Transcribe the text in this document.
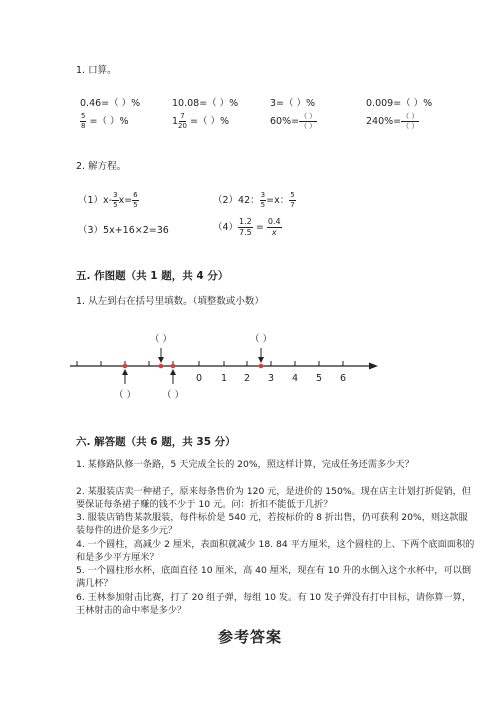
1. 口算。
0.46=（ ）%	10.08=（ ）%	3=（ ）%	0.009=（ ）%
$\frac{5}{8}$ =（ ）%	$1 \frac{7}{20}$ =（ ）%	$60\%= \frac{( )}{( )}$	$240\%= \frac{( )}{( )}$
2. 解方程。
$(1)x- \frac{3}{5} x= \frac{6}{5}$	（2）42： $\frac{3}{5} =x$： $\frac{5}{7}$
（3）5x+16×2=36	$(4) \frac{1.2}{7.5} = \frac{0.4}{x}$
五. 作图题（共 1 题，共 4 分）
1. 从左到右在括号里填数。（填整数或小数）
0 1 2 3 4 5 6
（ ）	（ ）
（ ）	（ ）
六. 解答题（共 6 题，共 35 分）
1. 某修路队修一条路，5 天完成全长的 20%，照这样计算，完成任务还需多少天？
2. 某服装店卖一种裙子，原来每条售价为 120 元，是进价的 150%。现在店主计划打折促销，但要保证每条裙子赚的钱不少于 10 元。问：折扣不能低于几折？
3. 服装店销售某款服装，每件标价是 540 元，若按标价的 8 折出售，仍可获利 20%，则这款服装每件的进价是多少元？
4. 一个圆柱，高减少 2 厘米，表面积就减少 18. 84 平方厘米，这个圆柱的上、下两个底面面积的和是多少平方厘米？
5. 一个圆柱形水杯，底面直径 10 厘米，高 40 厘米，现在有 10 升的水倒入这个水杯中，可以倒满几杯？
6. 王林参加射击比赛，打了 20 组子弹，每组 10 发。有 10 发子弹没有打中目标，请你算一算，王林射击的命中率是多少？
参考答案
